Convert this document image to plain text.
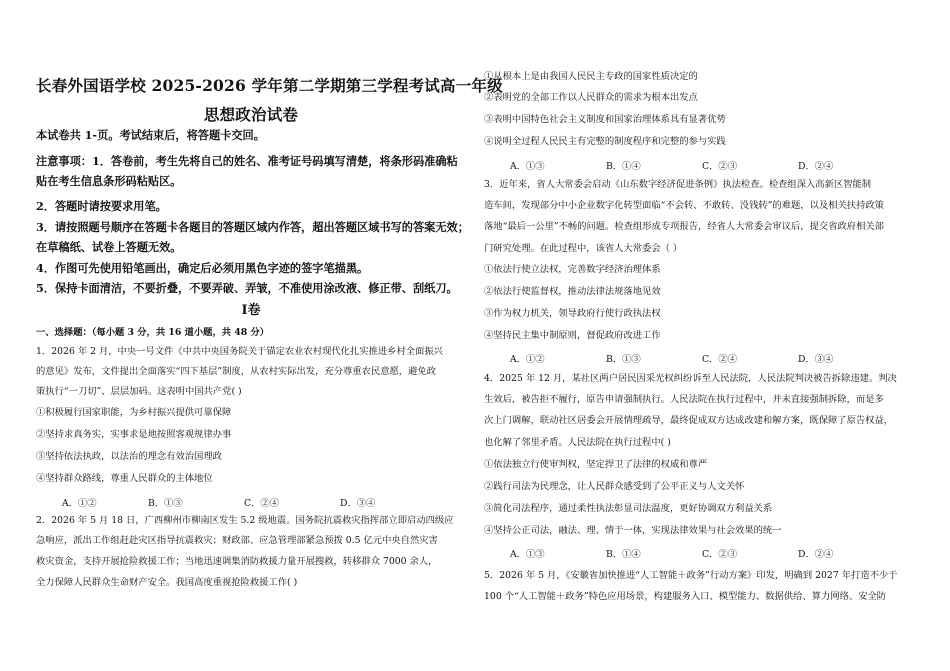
长春外国语学校 2025-2026 学年第二学期第三学程考试高一年级
思想政治试卷
本试卷共 1-页。考试结束后，将答题卡交回。
注意事项：1．答卷前，考生先将自己的姓名、准考证号码填写清楚，将条形码准确粘
贴在考生信息条形码粘贴区。
2．答题时请按要求用笔。
3．请按照题号顺序在答题卡各题目的答题区域内作答，超出答题区域书写的答案无效；
在草稿纸、试卷上答题无效。
4．作图可先使用铅笔画出，确定后必须用黑色字迹的签字笔描黑。
5．保持卡面清洁，不要折叠，不要弄破、弄皱，不准使用涂改液、修正带、刮纸刀。
Ⅰ卷
一、选择题：（每小题 3 分，共 16 道小题，共 48 分）
1．2026 年 2 月，中央一号文件《中共中央国务院关于锚定农业农村现代化扎实推进乡村全面振兴
的意见》发布，文件提出全面落实“四下基层”制度，从农村实际出发，充分尊重农民意愿，避免政
策执行“一刀切”、层层加码。这表明中国共产党( )
①积极履行国家职能，为乡村振兴提供可靠保障
②坚持求真务实，实事求是地按照客观规律办事
③坚持依法执政，以法治的理念有效治国理政
④坚持群众路线，尊重人民群众的主体地位
A．①②	B．①③	C．②④	D．③④
2．2026 年 5 月 18 日，广西柳州市柳南区发生 5.2 级地震。国务院抗震救灾指挥部立即启动四级应
急响应，派出工作组赶赴灾区指导抗震救灾；财政部、应急管理部紧急预拨 0.5 亿元中央自然灾害
救灾资金，支持开展抢险救援工作；当地迅速调集消防救援力量开展搜救，转移群众 7000 余人，
全力保障人民群众生命财产安全。我国高度重视抢险救援工作( )
①从根本上是由我国人民民主专政的国家性质决定的
②表明党的全部工作以人民群众的需求为根本出发点
③表明中国特色社会主义制度和国家治理体系具有显著优势
④说明全过程人民民主有完整的制度程序和完整的参与实践
A．①③	B．①④	C．②③	D．②④
3．近年来，省人大常委会启动《山东数字经济促进条例》执法检查。检查组深入高新区智能制
造车间，发现部分中小企业数字化转型面临“不会转、不敢转、没钱转”的难题，以及相关扶持政策
落地“最后一公里”不畅的问题。检查组形成专项报告，经省人大常委会审议后，提交省政府相关部
门研究处理。在此过程中，该省人大常委会（ ）
①依法行使立法权，完善数字经济治理体系
②依法行使监督权，推动法律法规落地见效
③作为权力机关，领导政府行使行政执法权
④坚持民主集中制原则，督促政府改进工作
A．①②	B．①③	C．②④	D．③④
4．2025 年 12 月，某社区两户居民因采光权纠纷诉至人民法院，人民法院判决被告拆除违建。判决
生效后，被告拒不履行，原告申请强制执行。人民法院在执行过程中，并未直接强制拆除，而是多
次上门调解，联动社区居委会开展情理疏导，最终促成双方达成改建和解方案，既保障了原告权益，
也化解了邻里矛盾。人民法院在执行过程中( )
①依法独立行使审判权，坚定捍卫了法律的权威和尊严
②践行司法为民理念，让人民群众感受到了公平正义与人文关怀
③简化司法程序，通过柔性执法彰显司法温度，更好协调双方利益关系
④坚持公正司法，融法、理、情于一体，实现法律效果与社会效果的统一
A．①③	B．①④	C．②③	D．②④
5．2026 年 5 月，《安徽省加快推进“人工智能＋政务”行动方案》印发，明确到 2027 年打造不少于
100 个“人工智能＋政务”特色应用场景，构建服务入口、模型能力、数据供给、算力网络、安全防
